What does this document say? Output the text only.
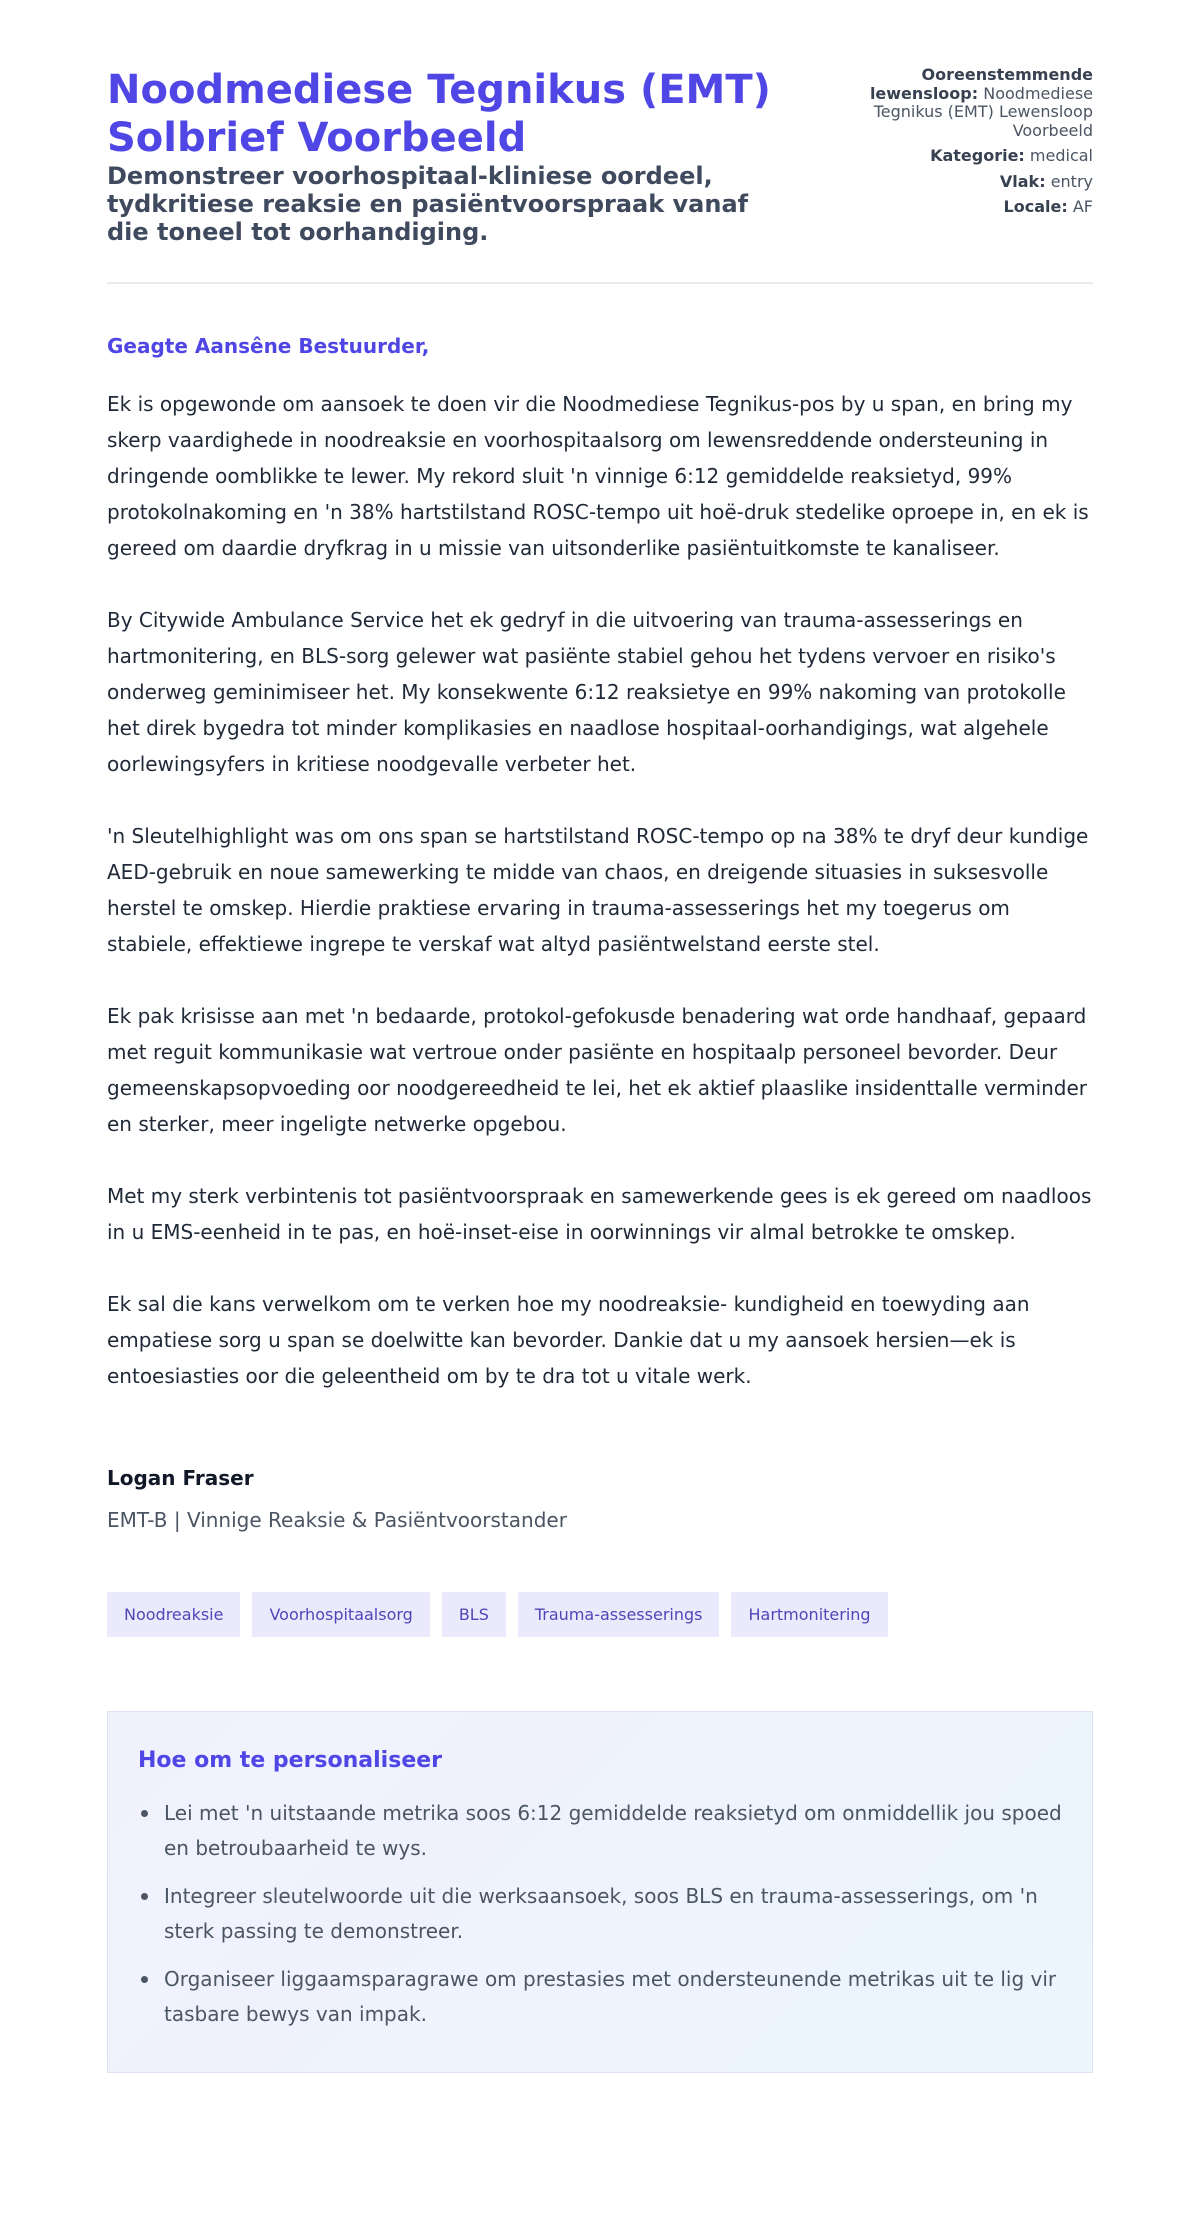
Noodmediese Tegnikus (EMT) Solbrief Voorbeeld
Demonstreer voorhospitaal-kliniese oordeel, tydkritiese reaksie en pasiëntvoorspraak vanaf die toneel tot oorhandiging.
Ooreenstemmende lewensloop: Noodmediese Tegnikus (EMT) Lewensloop Voorbeeld
Kategorie: medical
Vlak: entry
Locale: AF

Geagte Aansêne Bestuurder,

Ek is opgewonde om aansoek te doen vir die Noodmediese Tegnikus-pos by u span, en bring my skerp vaardighede in noodreaksie en voorhospitaalsorg om lewensreddende ondersteuning in dringende oomblikke te lewer. My rekord sluit 'n vinnige 6:12 gemiddelde reaksietyd, 99% protokolnakoming en 'n 38% hartstilstand ROSC-tempo uit hoë-druk stedelike oproepe in, en ek is gereed om daardie dryfkrag in u missie van uitsonderlike pasiëntuitkomste te kanaliseer.

By Citywide Ambulance Service het ek gedryf in die uitvoering van trauma-assesserings en hartmonitering, en BLS-sorg gelewer wat pasiënte stabiel gehou het tydens vervoer en risiko's onderweg geminimiseer het. My konsekwente 6:12 reaksietye en 99% nakoming van protokolle het direk bygedra tot minder komplikasies en naadlose hospitaal-oorhandigings, wat algehele oorlewingsyfers in kritiese noodgevalle verbeter het.

'n Sleutelhighlight was om ons span se hartstilstand ROSC-tempo op na 38% te dryf deur kundige AED-gebruik en noue samewerking te midde van chaos, en dreigende situasies in suksesvolle herstel te omskep. Hierdie praktiese ervaring in trauma-assesserings het my toegerus om stabiele, effektiewe ingrepe te verskaf wat altyd pasiëntwelstand eerste stel.

Ek pak krisisse aan met 'n bedaarde, protokol-gefokusde benadering wat orde handhaaf, gepaard met reguit kommunikasie wat vertroue onder pasiënte en hospitaalp personeel bevorder. Deur gemeenskapsopvoeding oor noodgereedheid te lei, het ek aktief plaaslike insidenttalle verminder en sterker, meer ingeligte netwerke opgebou.

Met my sterk verbintenis tot pasiëntvoorspraak en samewerkende gees is ek gereed om naadloos in u EMS-eenheid in te pas, en hoë-inset-eise in oorwinnings vir almal betrokke te omskep.

Ek sal die kans verwelkom om te verken hoe my noodreaksie- kundigheid en toewyding aan empatiese sorg u span se doelwitte kan bevorder. Dankie dat u my aansoek hersien—ek is entoesiasties oor die geleentheid om by te dra tot u vitale werk.

Logan Fraser
EMT-B | Vinnige Reaksie & Pasiëntvoorstander
Noodreaksie	Voorhospitaalsorg	BLS	Trauma-assesserings	Hartmonitering
Hoe om te personaliseer
Lei met 'n uitstaande metrika soos 6:12 gemiddelde reaksietyd om onmiddellik jou spoed en betroubaarheid te wys.
Integreer sleutelwoorde uit die werksaansoek, soos BLS en trauma-assesserings, om 'n sterk passing te demonstreer.
Organiseer liggaamsparagrawe om prestasies met ondersteunende metrikas uit te lig vir tasbare bewys van impak.
